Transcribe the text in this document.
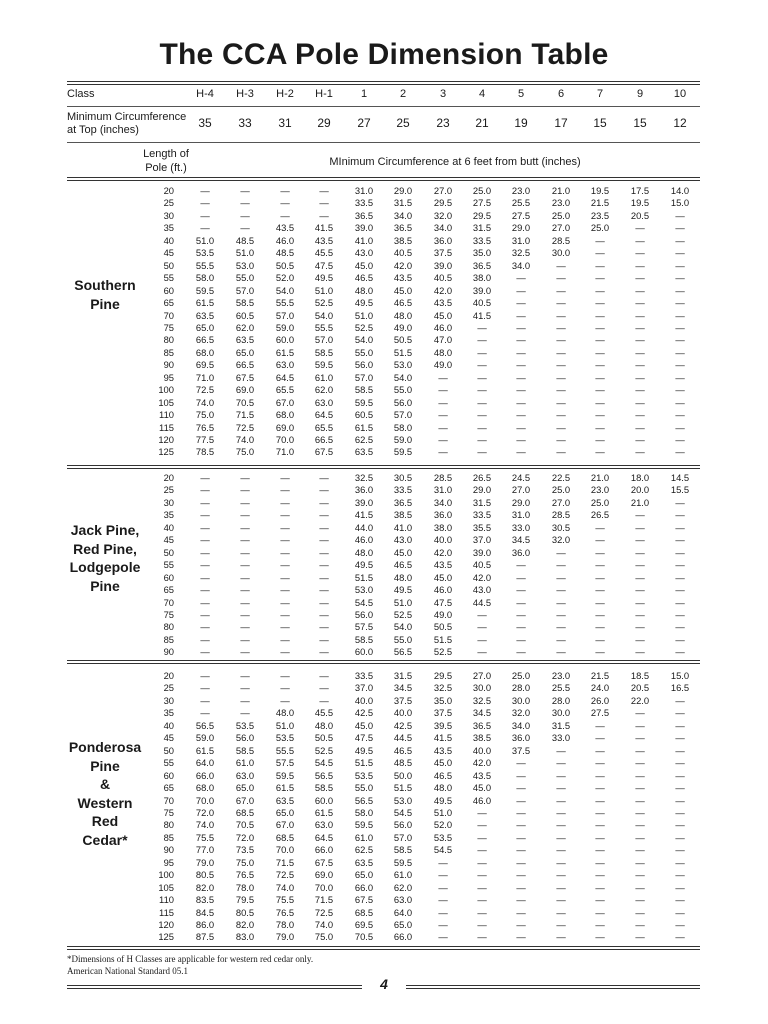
The CCA Pole Dimension Table
Class	H-4	H-3	H-2	H-1	1	2	3	4	5	6	7	9	10
Minimum Circumference
at Top (inches)	35	33	31	29	27	25	23	21	19	17	15	15	12
Length of
Pole (ft.)	MInimum Circumference at 6 feet from butt (inches)
Southern
Pine
20	—	—	—	—	31.0	29.0	27.0	25.0	23.0	21.0	19.5	17.5	14.0
25	—	—	—	—	33.5	31.5	29.5	27.5	25.5	23.0	21.5	19.5	15.0
30	—	—	—	—	36.5	34.0	32.0	29.5	27.5	25.0	23.5	20.5	—
35	—	—	43.5	41.5	39.0	36.5	34.0	31.5	29.0	27.0	25.0	—	—
40	51.0	48.5	46.0	43.5	41.0	38.5	36.0	33.5	31.0	28.5	—	—	—
45	53.5	51.0	48.5	45.5	43.0	40.5	37.5	35.0	32.5	30.0	—	—	—
50	55.5	53.0	50.5	47.5	45.0	42.0	39.0	36.5	34.0	—	—	—	—
55	58.0	55.0	52.0	49.5	46.5	43.5	40.5	38.0	—	—	—	—	—
60	59.5	57.0	54.0	51.0	48.0	45.0	42.0	39.0	—	—	—	—	—
65	61.5	58.5	55.5	52.5	49.5	46.5	43.5	40.5	—	—	—	—	—
70	63.5	60.5	57.0	54.0	51.0	48.0	45.0	41.5	—	—	—	—	—
75	65.0	62.0	59.0	55.5	52.5	49.0	46.0	—	—	—	—	—	—
80	66.5	63.5	60.0	57.0	54.0	50.5	47.0	—	—	—	—	—	—
85	68.0	65.0	61.5	58.5	55.0	51.5	48.0	—	—	—	—	—	—
90	69.5	66.5	63.0	59.5	56.0	53.0	49.0	—	—	—	—	—	—
95	71.0	67.5	64.5	61.0	57.0	54.0	—	—	—	—	—	—	—
100	72.5	69.0	65.5	62.0	58.5	55.0	—	—	—	—	—	—	—
105	74.0	70.5	67.0	63.0	59.5	56.0	—	—	—	—	—	—	—
110	75.0	71.5	68.0	64.5	60.5	57.0	—	—	—	—	—	—	—
115	76.5	72.5	69.0	65.5	61.5	58.0	—	—	—	—	—	—	—
120	77.5	74.0	70.0	66.5	62.5	59.0	—	—	—	—	—	—	—
125	78.5	75.0	71.0	67.5	63.5	59.5	—	—	—	—	—	—	—
Jack Pine,
Red Pine,
Lodgepole
Pine
20	—	—	—	—	32.5	30.5	28.5	26.5	24.5	22.5	21.0	18.0	14.5
25	—	—	—	—	36.0	33.5	31.0	29.0	27.0	25.0	23.0	20.0	15.5
30	—	—	—	—	39.0	36.5	34.0	31.5	29.0	27.0	25.0	21.0	—
35	—	—	—	—	41.5	38.5	36.0	33.5	31.0	28.5	26.5	—	—
40	—	—	—	—	44.0	41.0	38.0	35.5	33.0	30.5	—	—	—
45	—	—	—	—	46.0	43.0	40.0	37.0	34.5	32.0	—	—	—
50	—	—	—	—	48.0	45.0	42.0	39.0	36.0	—	—	—	—
55	—	—	—	—	49.5	46.5	43.5	40.5	—	—	—	—	—
60	—	—	—	—	51.5	48.0	45.0	42.0	—	—	—	—	—
65	—	—	—	—	53.0	49.5	46.0	43.0	—	—	—	—	—
70	—	—	—	—	54.5	51.0	47.5	44.5	—	—	—	—	—
75	—	—	—	—	56.0	52.5	49.0	—	—	—	—	—	—
80	—	—	—	—	57.5	54.0	50.5	—	—	—	—	—	—
85	—	—	—	—	58.5	55.0	51.5	—	—	—	—	—	—
90	—	—	—	—	60.0	56.5	52.5	—	—	—	—	—	—
Ponderosa
Pine
&
Western
Red
Cedar*
20	—	—	—	—	33.5	31.5	29.5	27.0	25.0	23.0	21.5	18.5	15.0
25	—	—	—	—	37.0	34.5	32.5	30.0	28.0	25.5	24.0	20.5	16.5
30	—	—	—	—	40.0	37.5	35.0	32.5	30.0	28.0	26.0	22.0	—
35	—	—	48.0	45.5	42.5	40.0	37.5	34.5	32.0	30.0	27.5	—	—
40	56.5	53.5	51.0	48.0	45.0	42.5	39.5	36.5	34.0	31.5	—	—	—
45	59.0	56.0	53.5	50.5	47.5	44.5	41.5	38.5	36.0	33.0	—	—	—
50	61.5	58.5	55.5	52.5	49.5	46.5	43.5	40.0	37.5	—	—	—	—
55	64.0	61.0	57.5	54.5	51.5	48.5	45.0	42.0	—	—	—	—	—
60	66.0	63.0	59.5	56.5	53.5	50.0	46.5	43.5	—	—	—	—	—
65	68.0	65.0	61.5	58.5	55.0	51.5	48.0	45.0	—	—	—	—	—
70	70.0	67.0	63.5	60.0	56.5	53.0	49.5	46.0	—	—	—	—	—
75	72.0	68.5	65.0	61.5	58.0	54.5	51.0	—	—	—	—	—	—
80	74.0	70.5	67.0	63.0	59.5	56.0	52.0	—	—	—	—	—	—
85	75.5	72.0	68.5	64.5	61.0	57.0	53.5	—	—	—	—	—	—
90	77.0	73.5	70.0	66.0	62.5	58.5	54.5	—	—	—	—	—	—
95	79.0	75.0	71.5	67.5	63.5	59.5	—	—	—	—	—	—	—
100	80.5	76.5	72.5	69.0	65.0	61.0	—	—	—	—	—	—	—
105	82.0	78.0	74.0	70.0	66.0	62.0	—	—	—	—	—	—	—
110	83.5	79.5	75.5	71.5	67.5	63.0	—	—	—	—	—	—	—
115	84.5	80.5	76.5	72.5	68.5	64.0	—	—	—	—	—	—	—
120	86.0	82.0	78.0	74.0	69.5	65.0	—	—	—	—	—	—	—
125	87.5	83.0	79.0	75.0	70.5	66.0	—	—	—	—	—	—	—
*Dimensions of H Classes are applicable for western red cedar only.
American National Standard 05.1
4
